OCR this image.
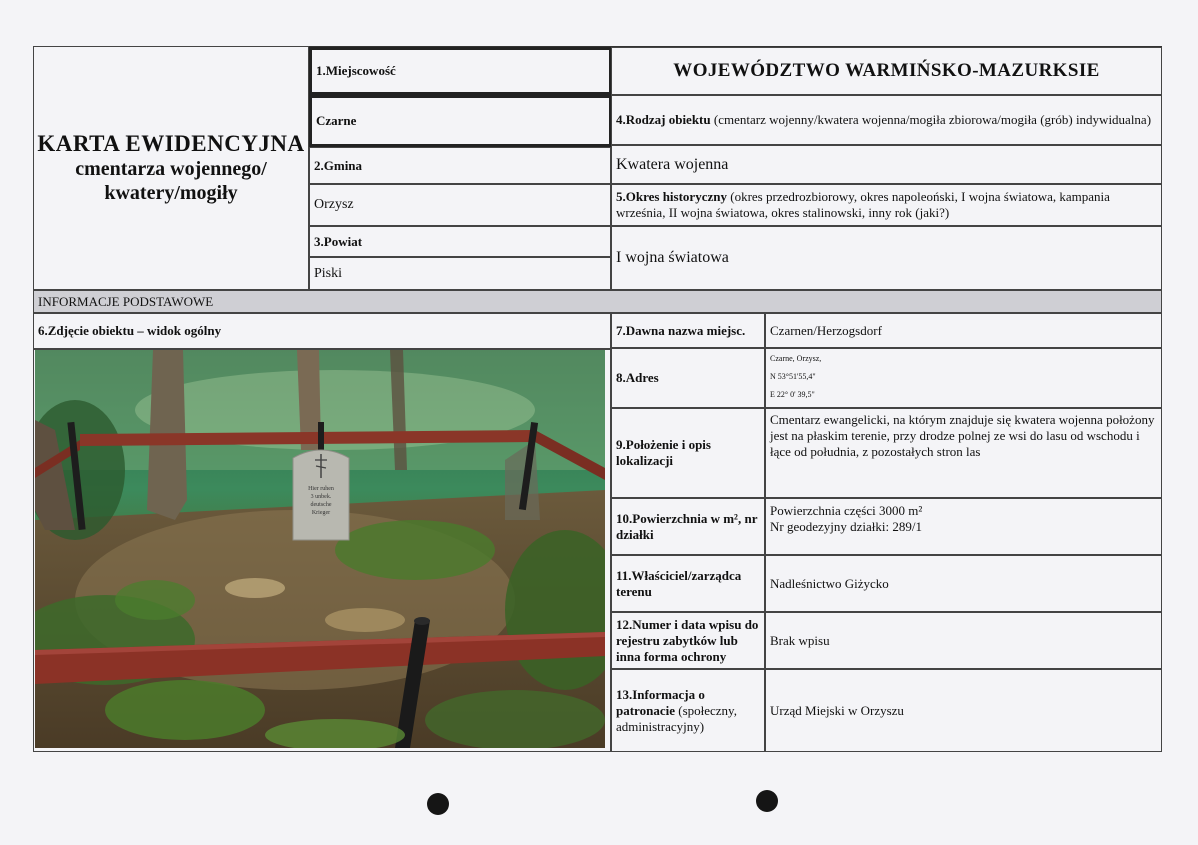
KARTA EWIDENCYJNA
cmentarza wojennego/
kwatery/mogiły
1.Miejscowość
Czarne
2.Gmina
Orzysz
3.Powiat
Piski
WOJEWÓDZTWO WARMIŃSKO-MAZURKSIE
4.Rodzaj obiektu (cmentarz wojenny/kwatera wojenna/mogiła zbiorowa/mogiła (grób) indywidualna)
Kwatera wojenna
5.Okres historyczny (okres przedrozbiorowy, okres napoleoński, I wojna światowa, kampania września, II wojna światowa, okres stalinowski, inny rok (jaki?)
I wojna światowa
INFORMACJE PODSTAWOWE
6.Zdjęcie obiektu – widok ogólny
Hier ruhen
3 unbek.
deutsche
Krieger
7.Dawna nazwa miejsc. Czarnen/Herzogsdorf
8.Adres
Czarne, Orzysz,
N 53°51'55,4"
E 22° 0' 39,5"
9.Położenie i opis lokalizacji
Cmentarz ewangelicki, na którym znajduje się kwatera wojenna położony jest na płaskim terenie, przy drodze polnej ze wsi do lasu od wschodu i łące od południa, z pozostałych stron las
10.Powierzchnia w m², nr działki
Powierzchnia części 3000 m²
Nr geodezyjny działki: 289/1
11.Właściciel/zarządca terenu
Nadleśnictwo Giżycko
12.Numer i data wpisu do rejestru zabytków lub inna forma ochrony
Brak wpisu
13.Informacja o
patronacie (społeczny, administracyjny)
Urząd Miejski w Orzyszu
